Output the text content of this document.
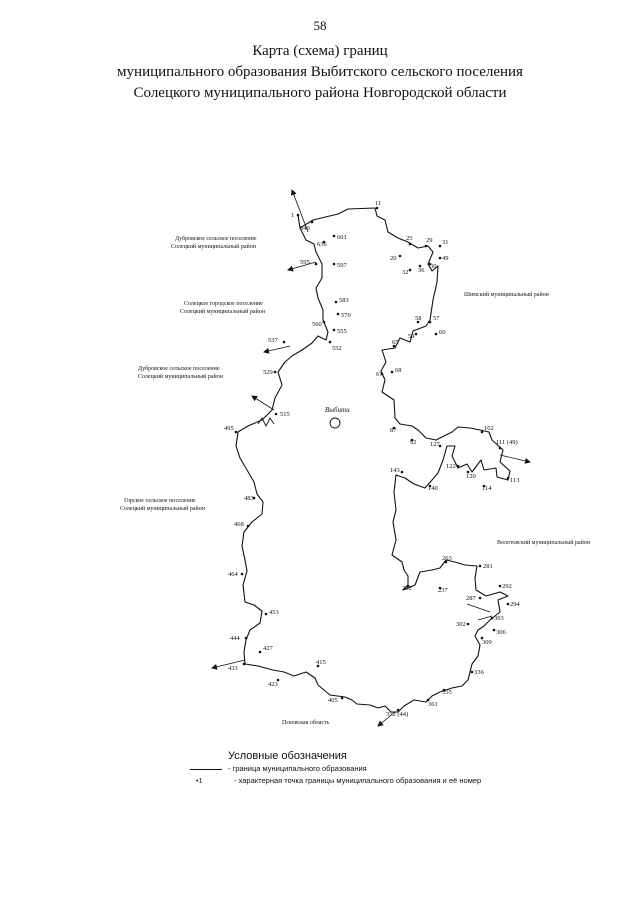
58
Карта (схема) границ
муниципального образования Выбитского сельского поселения
Солецкого муниципального района Новгородской области
Выбити
1
11
640
601
636
25 29 31
20	49
32 36
30
595	597
583
570
560
555
552
537
529
515
495
58 57
59
60
65
67
68
87
92
102
127	111 (49)
122
120
114
113
143
140
483
468
263
281
292
294
232	237
287
464
453
303
302
306
309
444
427
423
433
415
405
336
355
361
372 (44)
Дубровское сельское поселение
Солецкий муниципальный район
Солецкое городское поселение
Солецкий муниципальный район
Дубровское сельское поселение
Солецкий муниципальный район
Горское сельское поселение
Солецкий муниципальный район
Шимский муниципальный район
Волотовский муниципальный район
Псковская область
Условные обозначения
- граница муниципального образования
•1	- характерная точка границы муниципального образования и её номер
